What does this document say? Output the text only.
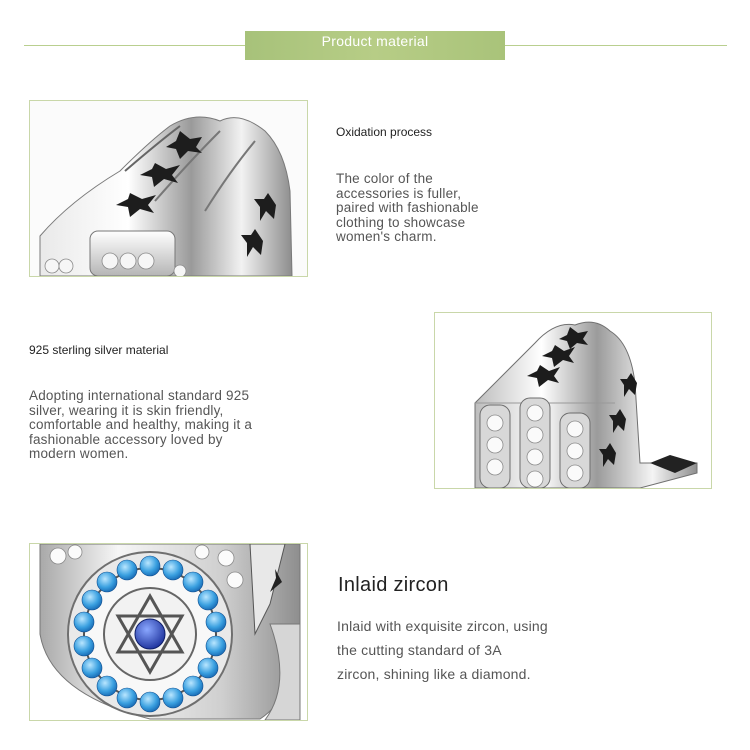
Product material
Oxidation process
The color of the
accessories is fuller,
paired with fashionable
clothing to showcase
women's charm.
925 sterling silver material
Adopting international standard 925
silver, wearing it is skin friendly,
comfortable and healthy, making it a
fashionable accessory loved by
modern women.
Inlaid zircon
Inlaid with exquisite zircon, using
the cutting standard of 3A
zircon, shining like a diamond.
